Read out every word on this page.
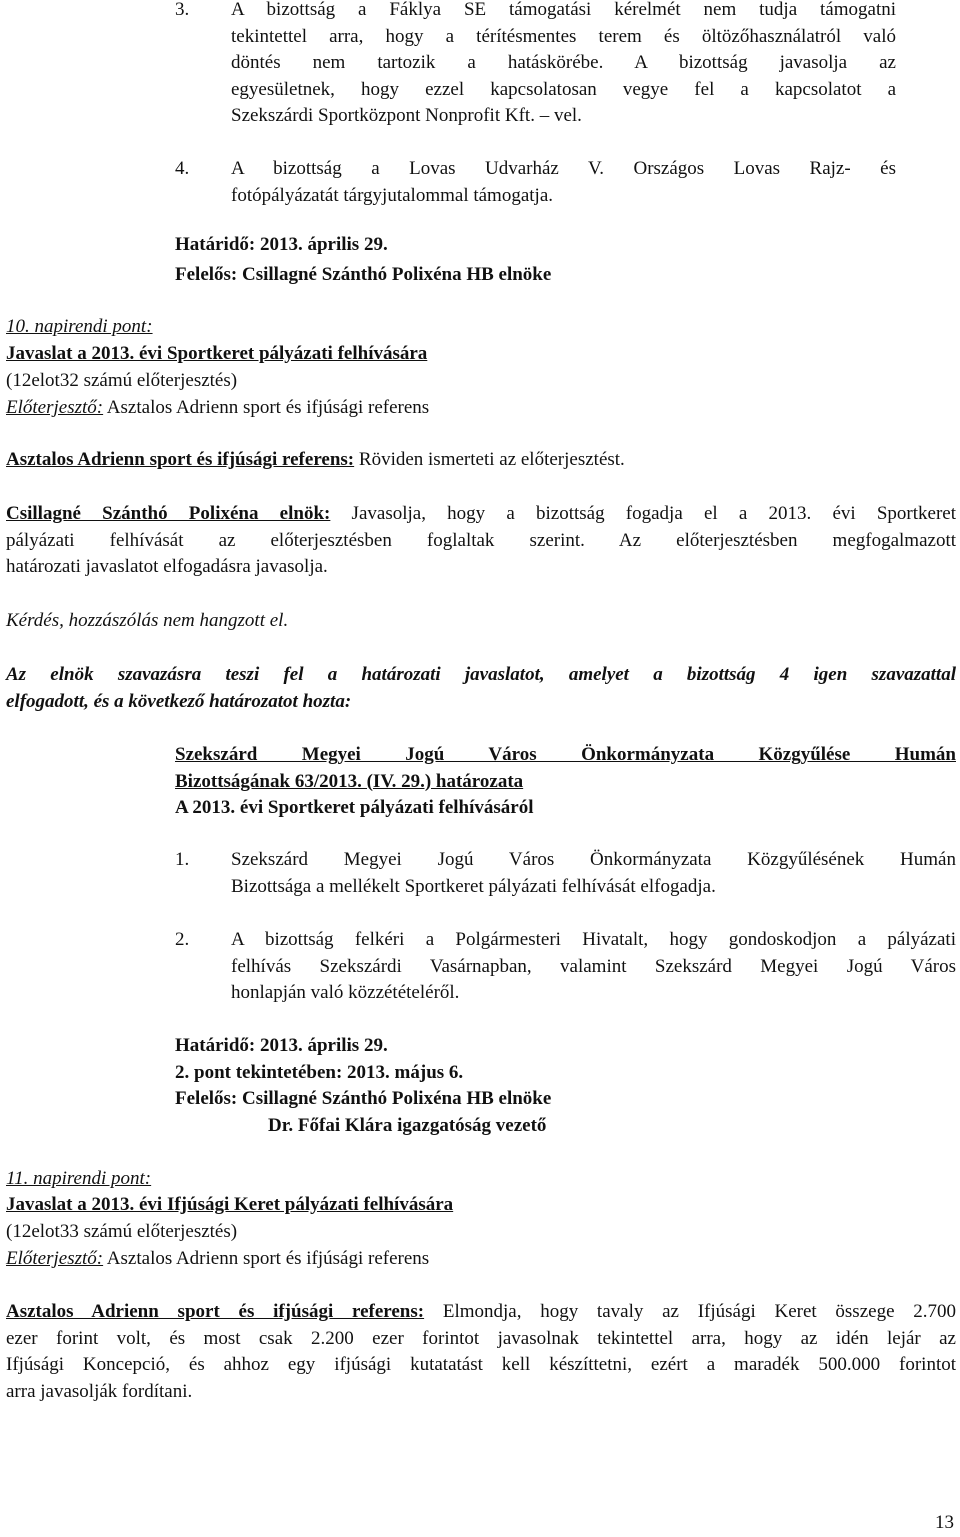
3. A bizottság a Fáklya SE támogatási kérelmét nem tudja támogatni
tekintettel arra, hogy a térítésmentes terem és öltözőhasználatról való
döntés nem tartozik a hatáskörébe. A bizottság javasolja az
egyesületnek, hogy ezzel kapcsolatosan vegye fel a kapcsolatot a
Szekszárdi Sportközpont Nonprofit Kft. – vel.
4. A bizottság a Lovas Udvarház V. Országos Lovas Rajz- és
fotópályázatát tárgyjutalommal támogatja.
Határidő: 2013. április 29.
Felelős: Csillagné Szánthó Polixéna HB elnöke
10. napirendi pont:
Javaslat a 2013. évi Sportkeret pályázati felhívására
(12elot32 számú előterjesztés)
Előterjesztő: Asztalos Adrienn sport és ifjúsági referens
Asztalos Adrienn sport és ifjúsági referens: Röviden ismerteti az előterjesztést.
Csillagné Szánthó Polixéna elnök: Javasolja, hogy a bizottság fogadja el a 2013. évi Sportkeret
pályázati felhívását az előterjesztésben foglaltak szerint. Az előterjesztésben megfogalmazott
határozati javaslatot elfogadásra javasolja.
Kérdés, hozzászólás nem hangzott el.
Az elnök szavazásra teszi fel a határozati javaslatot, amelyet a bizottság 4 igen szavazattal
elfogadott, és a következő határozatot hozta:
Szekszárd Megyei Jogú Város Önkormányzata Közgyűlése Humán
Bizottságának 63/2013. (IV. 29.) határozata
A 2013. évi Sportkeret pályázati felhívásáról
1. Szekszárd Megyei Jogú Város Önkormányzata Közgyűlésének Humán
Bizottsága a mellékelt Sportkeret pályázati felhívását elfogadja.
2. A bizottság felkéri a Polgármesteri Hivatalt, hogy gondoskodjon a pályázati
felhívás Szekszárdi Vasárnapban, valamint Szekszárd Megyei Jogú Város
honlapján való közzétételéről.
Határidő: 2013. április 29.
2. pont tekintetében: 2013. május 6.
Felelős: Csillagné Szánthó Polixéna HB elnöke
Dr. Főfai Klára igazgatóság vezető
11. napirendi pont:
Javaslat a 2013. évi Ifjúsági Keret pályázati felhívására
(12elot33 számú előterjesztés)
Előterjesztő: Asztalos Adrienn sport és ifjúsági referens
Asztalos Adrienn sport és ifjúsági referens: Elmondja, hogy tavaly az Ifjúsági Keret összege 2.700
ezer forint volt, és most csak 2.200 ezer forintot javasolnak tekintettel arra, hogy az idén lejár az
Ifjúsági Koncepció, és ahhoz egy ifjúsági kutatatást kell készíttetni, ezért a maradék 500.000 forintot
arra javasolják fordítani.
13
